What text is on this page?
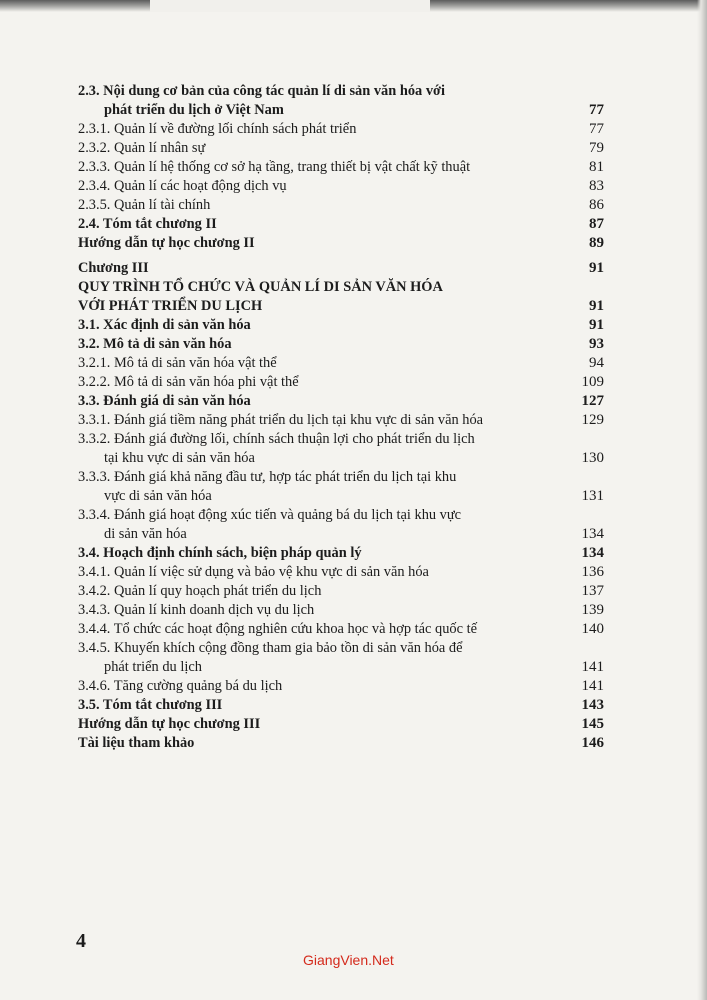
2.3. Nội dung cơ bản của công tác quản lí di sản văn hóa với
phát triển du lịch ở Việt Nam	77
2.3.1. Quản lí về đường lối chính sách phát triển	77
2.3.2. Quản lí nhân sự	79
2.3.3. Quản lí hệ thống cơ sở hạ tầng, trang thiết bị vật chất kỹ thuật	81
2.3.4. Quản lí các hoạt động dịch vụ	83
2.3.5. Quản lí tài chính	86
2.4. Tóm tắt chương II	87
Hướng dẫn tự học chương II	89
Chương III	91
QUY TRÌNH TỔ CHỨC VÀ QUẢN LÍ DI SẢN VĂN HÓA
VỚI PHÁT TRIỂN DU LỊCH	91
3.1. Xác định di sản văn hóa	91
3.2. Mô tả di sản văn hóa	93
3.2.1. Mô tả di sản văn hóa vật thể	94
3.2.2. Mô tả di sản văn hóa phi vật thể	109
3.3. Đánh giá di sản văn hóa	127
3.3.1. Đánh giá tiềm năng phát triển du lịch tại khu vực di sản văn hóa	129
3.3.2. Đánh giá đường lối, chính sách thuận lợi cho phát triển du lịch
tại khu vực di sản văn hóa	130
3.3.3. Đánh giá khả năng đầu tư, hợp tác phát triển du lịch tại khu
vực di sản văn hóa	131
3.3.4. Đánh giá hoạt động xúc tiến và quảng bá du lịch tại khu vực
di sản văn hóa	134
3.4. Hoạch định chính sách, biện pháp quản lý	134
3.4.1. Quản lí việc sử dụng và bảo vệ khu vực di sản văn hóa	136
3.4.2. Quản lí quy hoạch phát triển du lịch	137
3.4.3. Quản lí kinh doanh dịch vụ du lịch	139
3.4.4. Tổ chức các hoạt động nghiên cứu khoa học và hợp tác quốc tế	140
3.4.5. Khuyến khích cộng đồng tham gia bảo tồn di sản văn hóa để
phát triển du lịch	141
3.4.6. Tăng cường quảng bá du lịch	141
3.5. Tóm tắt chương III	143
Hướng dẫn tự học chương III	145
Tài liệu tham khảo	146
4
GiangVien.Net
